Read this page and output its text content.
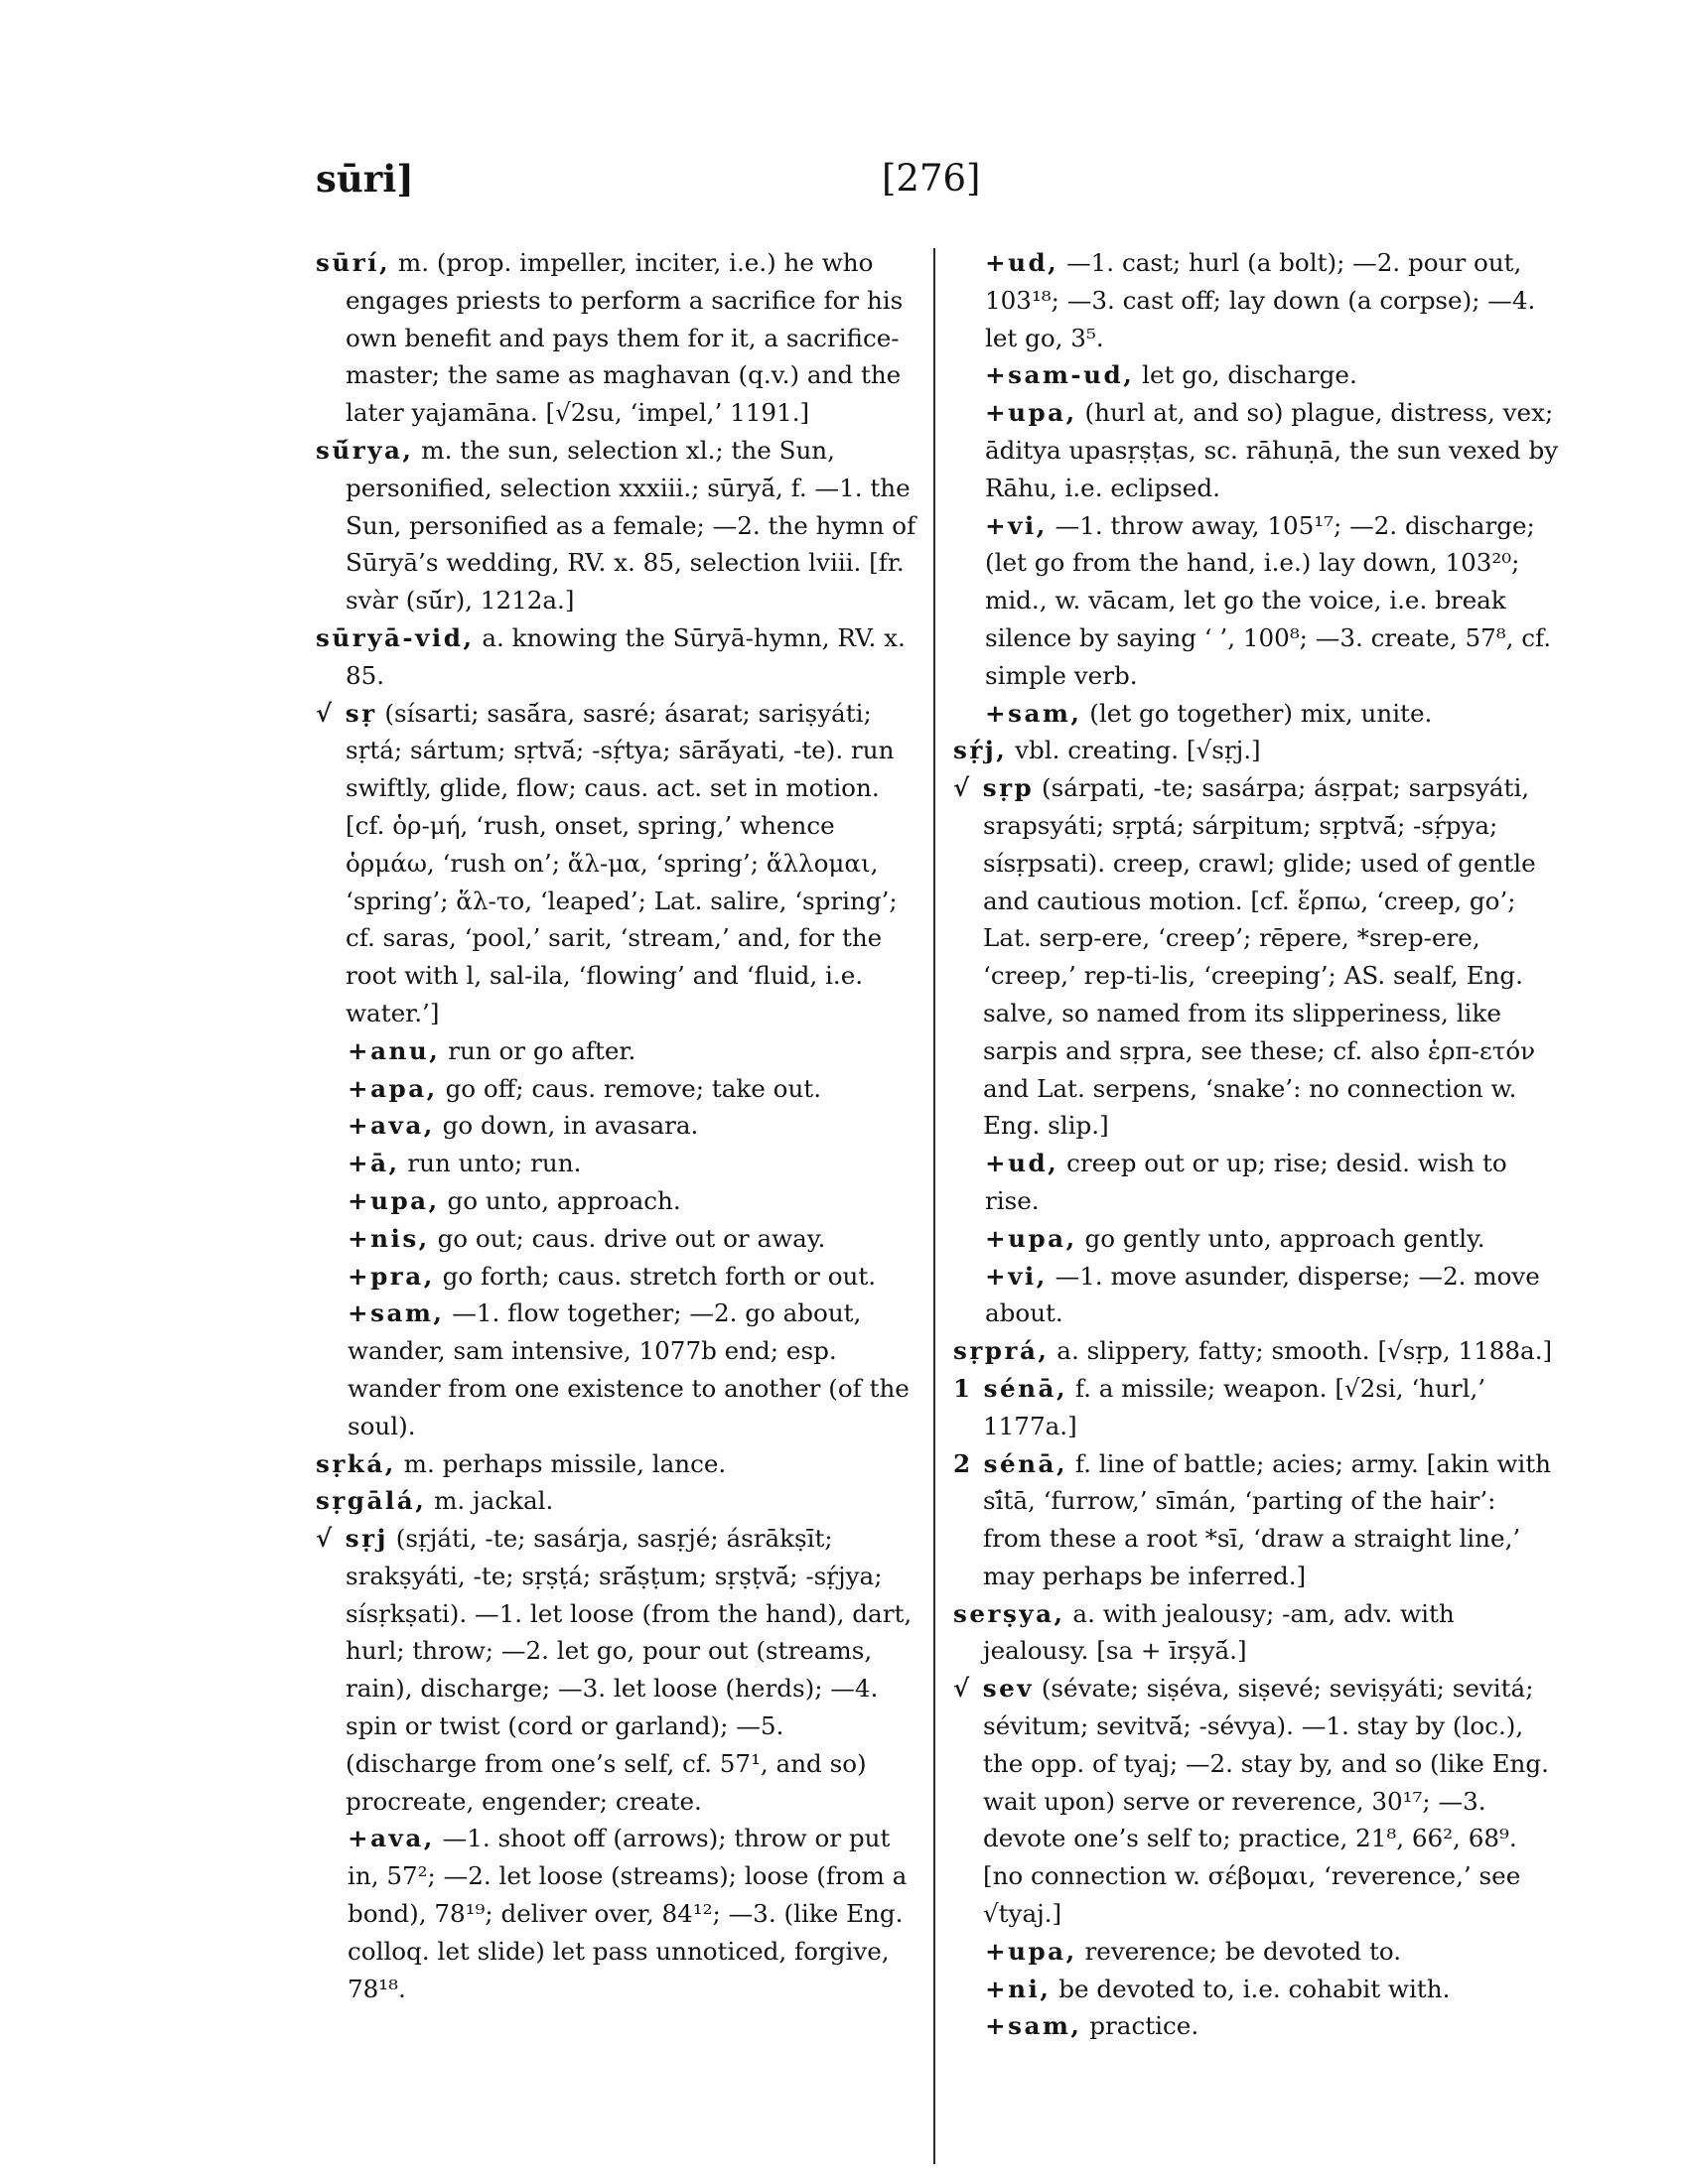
sūri]	[276]

sūrí, m. (prop. impeller, inciter, i.e.) he who engages priests to perform a sacrifice for his own benefit and pays them for it, a sacrifice-master; the same as maghavan (q.v.) and the later yajamāna. [√2su, ‘impel,’ 1191.]

sū́rya, m. the sun, selection xl.; the Sun, personified, selection xxxiii.; sūryā́, f. —1. the Sun, personified as a female; —2. the hymn of Sūryā’s wedding, RV. x. 85, selection lviii. [fr. svàr (sū́r), 1212a.]

sūryā-vid, a. knowing the Sūryā-hymn, RV. x. 85.

√ sṛ (sísarti; sasā́ra, sasré; ásarat; sariṣyáti; sṛtá; sártum; sṛtvā́; -sṛ́tya; sārā́yati, -te). run swiftly, glide, flow; caus. act. set in motion. [cf. ὁρ-μή, ‘rush, onset, spring,’ whence ὁρμάω, ‘rush on’; ἅλ-μα, ‘spring’; ἅλλομαι, ‘spring’; ἅλ-το, ‘leaped’; Lat. salire, ‘spring’; cf. saras, ‘pool,’ sarit, ‘stream,’ and, for the root with l, sal-ila, ‘flowing’ and ‘fluid, i.e. water.’]

+anu, run or go after.

+apa, go off; caus. remove; take out.

+ava, go down, in avasara.

+ā, run unto; run.

+upa, go unto, approach.

+nis, go out; caus. drive out or away.

+pra, go forth; caus. stretch forth or out.

+sam, —1. flow together; —2. go about, wander, sam intensive, 1077b end; esp. wander from one existence to another (of the soul).

sṛká, m. perhaps missile, lance.

sṛgālá, m. jackal.

√ sṛj (sṛjáti, -te; sasárja, sasṛjé; ásrākṣīt; srakṣyáti, -te; sṛṣṭá; srā́ṣṭum; sṛṣṭvā́; -sṛ́jya; sísṛkṣati). —1. let loose (from the hand), dart, hurl; throw; —2. let go, pour out (streams, rain), discharge; —3. let loose (herds); —4. spin or twist (cord or garland); —5. (discharge from one’s self, cf. 57¹, and so) procreate, engender; create.

+ava, —1. shoot off (arrows); throw or put in, 57²; —2. let loose (streams); loose (from a bond), 78¹⁹; deliver over, 84¹²; —3. (like Eng. colloq. let slide) let pass unnoticed, forgive, 78¹⁸.

+ud, —1. cast; hurl (a bolt); —2. pour out, 103¹⁸; —3. cast off; lay down (a corpse); —4. let go, 3⁵.

+sam-ud, let go, discharge.

+upa, (hurl at, and so) plague, distress, vex; āditya upasṛṣṭas, sc. rāhuṇā, the sun vexed by Rāhu, i.e. eclipsed.

+vi, —1. throw away, 105¹⁷; —2. discharge; (let go from the hand, i.e.) lay down, 103²⁰; mid., w. vācam, let go the voice, i.e. break silence by saying ‘ ’, 100⁸; —3. create, 57⁸, cf. simple verb.

+sam, (let go together) mix, unite.

sṛ́j, vbl. creating. [√sṛj.]

√ sṛp (sárpati, -te; sasárpa; ásṛpat; sarpsyáti, srapsyáti; sṛptá; sárpitum; sṛptvā́; -sṛ́pya; sísṛpsati). creep, crawl; glide; used of gentle and cautious motion. [cf. ἕρπω, ‘creep, go’; Lat. serp-ere, ‘creep’; rēpere, *srep-ere, ‘creep,’ rep-ti-lis, ‘creeping’; AS. sealf, Eng. salve, so named from its slipperiness, like sarpis and sṛpra, see these; cf. also ἑρπ-ετόν and Lat. serpens, ‘snake’: no connection w. Eng. slip.]

+ud, creep out or up; rise; desid. wish to rise.

+upa, go gently unto, approach gently.

+vi, —1. move asunder, disperse; —2. move about.

sṛprá, a. slippery, fatty; smooth. [√sṛp, 1188a.]

1 sénā, f. a missile; weapon. [√2si, ‘hurl,’ 1177a.]

2 sénā, f. line of battle; acies; army. [akin with sī́tā, ‘furrow,’ sīmán, ‘parting of the hair’: from these a root *sī, ‘draw a straight line,’ may perhaps be inferred.]

serṣya, a. with jealousy; -am, adv. with jealousy. [sa + īrṣyā́.]

√ sev (sévate; siṣéva, siṣevé; seviṣyáti; sevitá; sévitum; sevitvā́; -sévya). —1. stay by (loc.), the opp. of tyaj; —2. stay by, and so (like Eng. wait upon) serve or reverence, 30¹⁷; —3. devote one’s self to; practice, 21⁸, 66², 68⁹. [no connection w. σέβομαι, ‘reverence,’ see √tyaj.]

+upa, reverence; be devoted to.

+ni, be devoted to, i.e. cohabit with.

+sam, practice.
